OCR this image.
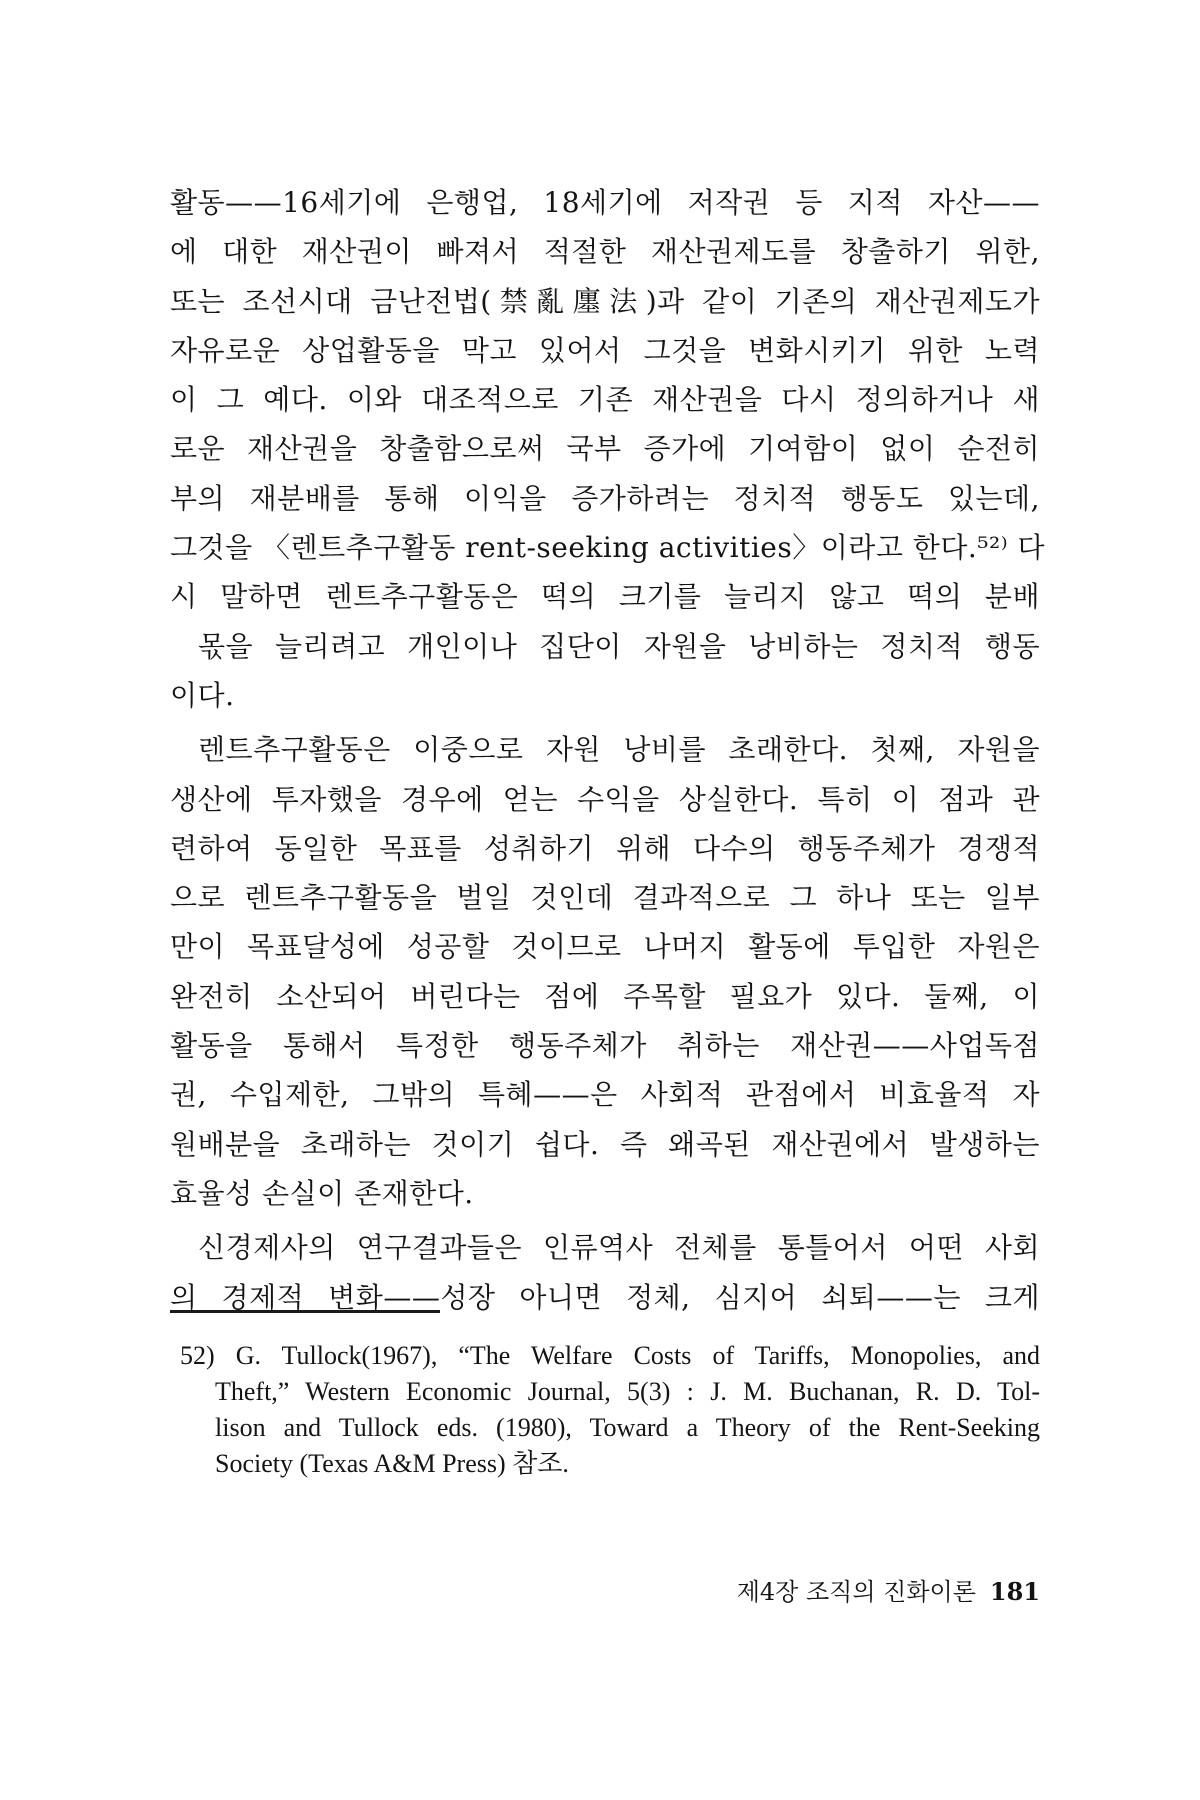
활동——16세기에 은행업, 18세기에 저작권 등 지적 자산——
에 대한 재산권이 빠져서 적절한 재산권제도를 창출하기 위한,
또는 조선시대 금난전법(禁亂廛法)과 같이 기존의 재산권제도가
자유로운 상업활동을 막고 있어서 그것을 변화시키기 위한 노력
이 그 예다. 이와 대조적으로 기존 재산권을 다시 정의하거나 새
로운 재산권을 창출함으로써 국부 증가에 기여함이 없이 순전히
부의 재분배를 통해 이익을 증가하려는 정치적 행동도 있는데,
그것을 〈렌트추구활동 rent-seeking activities〉이라고 한다.⁵²⁾ 다
시 말하면 렌트추구활동은 떡의 크기를 늘리지 않고 떡의 분배
몫을 늘리려고 개인이나 집단이 자원을 낭비하는 정치적 행동
이다.
렌트추구활동은 이중으로 자원 낭비를 초래한다. 첫째, 자원을
생산에 투자했을 경우에 얻는 수익을 상실한다. 특히 이 점과 관
련하여 동일한 목표를 성취하기 위해 다수의 행동주체가 경쟁적
으로 렌트추구활동을 벌일 것인데 결과적으로 그 하나 또는 일부
만이 목표달성에 성공할 것이므로 나머지 활동에 투입한 자원은
완전히 소산되어 버린다는 점에 주목할 필요가 있다. 둘째, 이
활동을 통해서 특정한 행동주체가 취하는 재산권——사업독점
권, 수입제한, 그밖의 특혜——은 사회적 관점에서 비효율적 자
원배분을 초래하는 것이기 쉽다. 즉 왜곡된 재산권에서 발생하는
효율성 손실이 존재한다.
신경제사의 연구결과들은 인류역사 전체를 통틀어서 어떤 사회
의 경제적 변화——성장 아니면 정체, 심지어 쇠퇴——는 크게
52) G. Tullock(1967), “The Welfare Costs of Tariffs, Monopolies, and
Theft,” Western Economic Journal, 5(3) : J. M. Buchanan, R. D. Tol-
lison and Tullock eds. (1980), Toward a Theory of the Rent-Seeking
Society (Texas A&M Press) 참조.
제4장 조직의 진화이론 181
